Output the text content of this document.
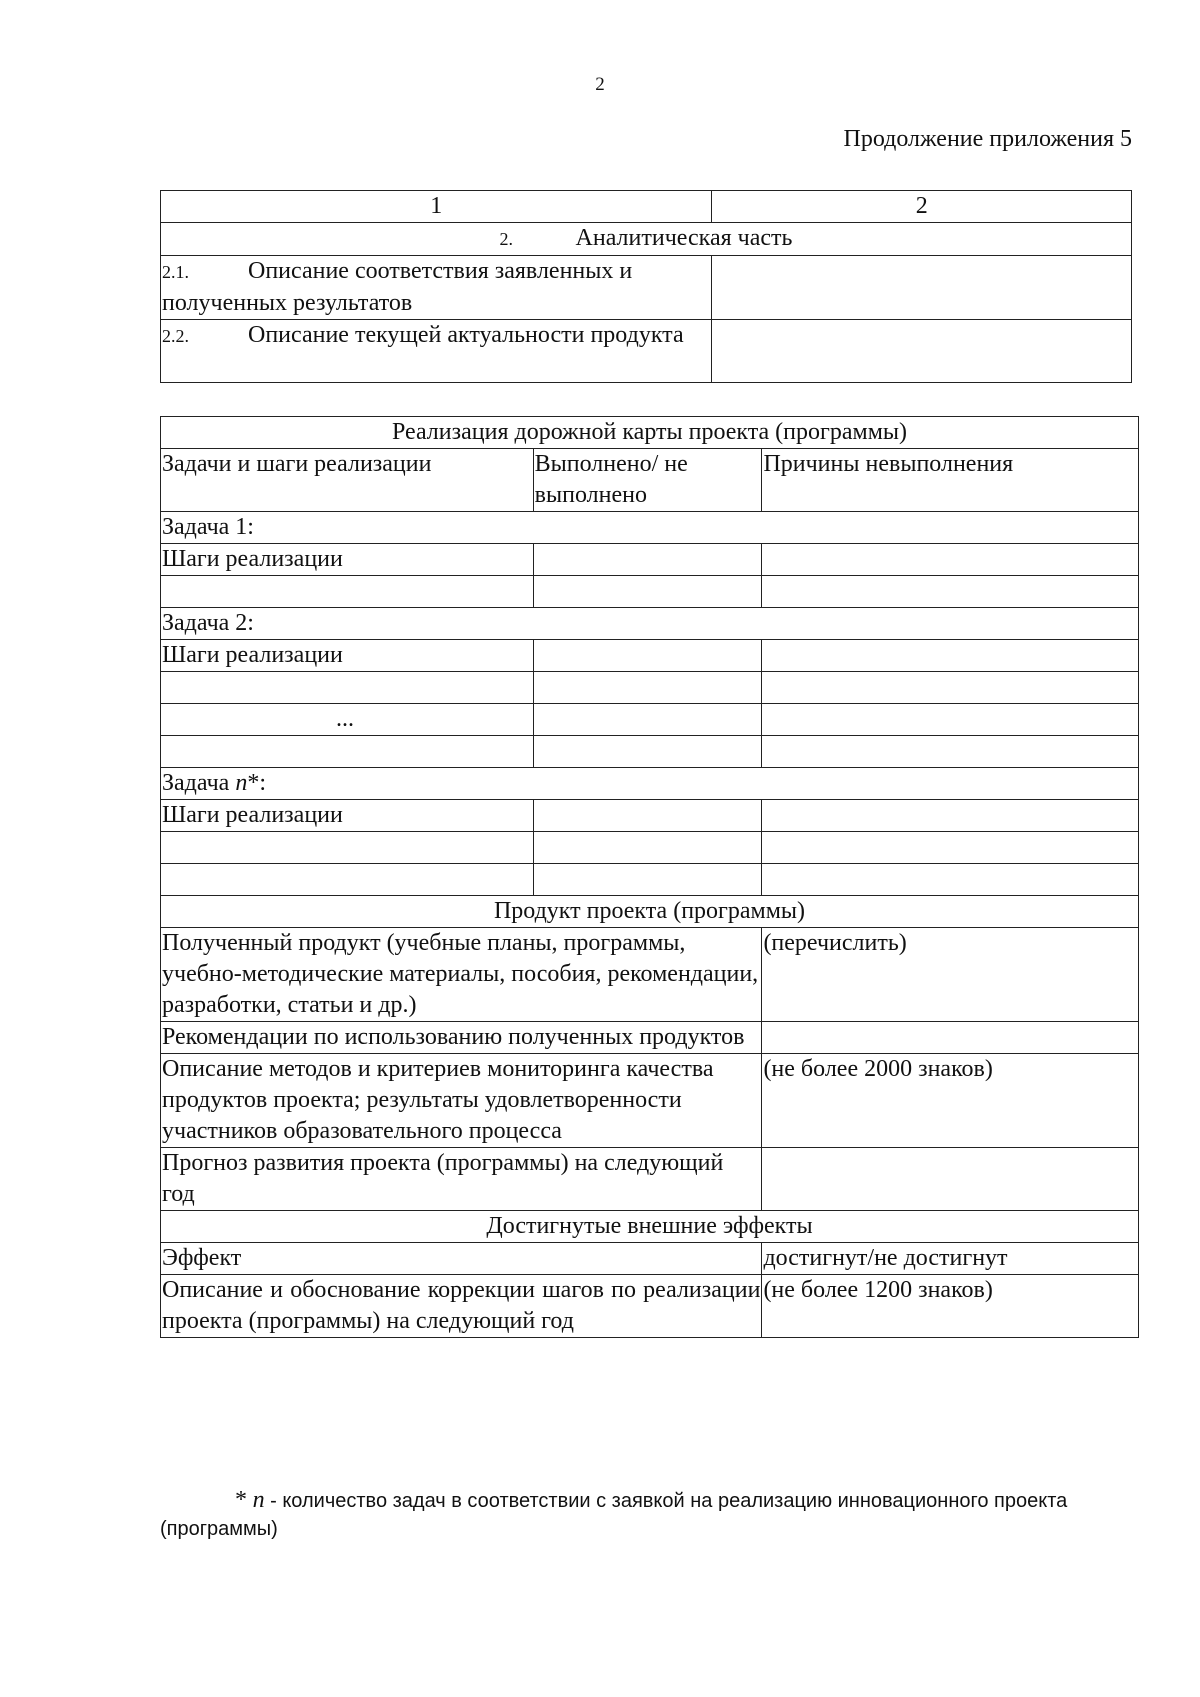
2
Продолжение приложения 5
1	2
2. Аналитическая часть	
2.1. Описание соответствия заявленных и полученных результатов	
2.2. Описание текущей актуальности продукта	
Реализация дорожной карты проекта (программы)		
Задачи и шаги реализации	Выполнено/ не выполнено	Причины невыполнения
Задача 1:		
Шаги реализации		

Задача 2:		
Шаги реализации		

...		

Задача n*:		
Шаги реализации		

Продукт проекта (программы)		
Полученный продукт (учебные планы, программы, учебно-методические материалы, пособия, рекомендации, разработки, статьи и др.)		(перечислить)
Рекомендации по использованию полученных продуктов		
Описание методов и критериев мониторинга качества продуктов проекта; результаты удовлетворенности участников образовательного процесса		(не более 2000 знаков)
Прогноз развития проекта (программы) на следующий год		
Достигнутые внешние эффекты		
Эффект		достигнут/не достигнут
Описание и обоснование коррекции шагов по реализации проекта (программы) на следующий год		(не более 1200 знаков)
* n - количество задач в соответствии с заявкой на реализацию инновационного проекта (программы)
